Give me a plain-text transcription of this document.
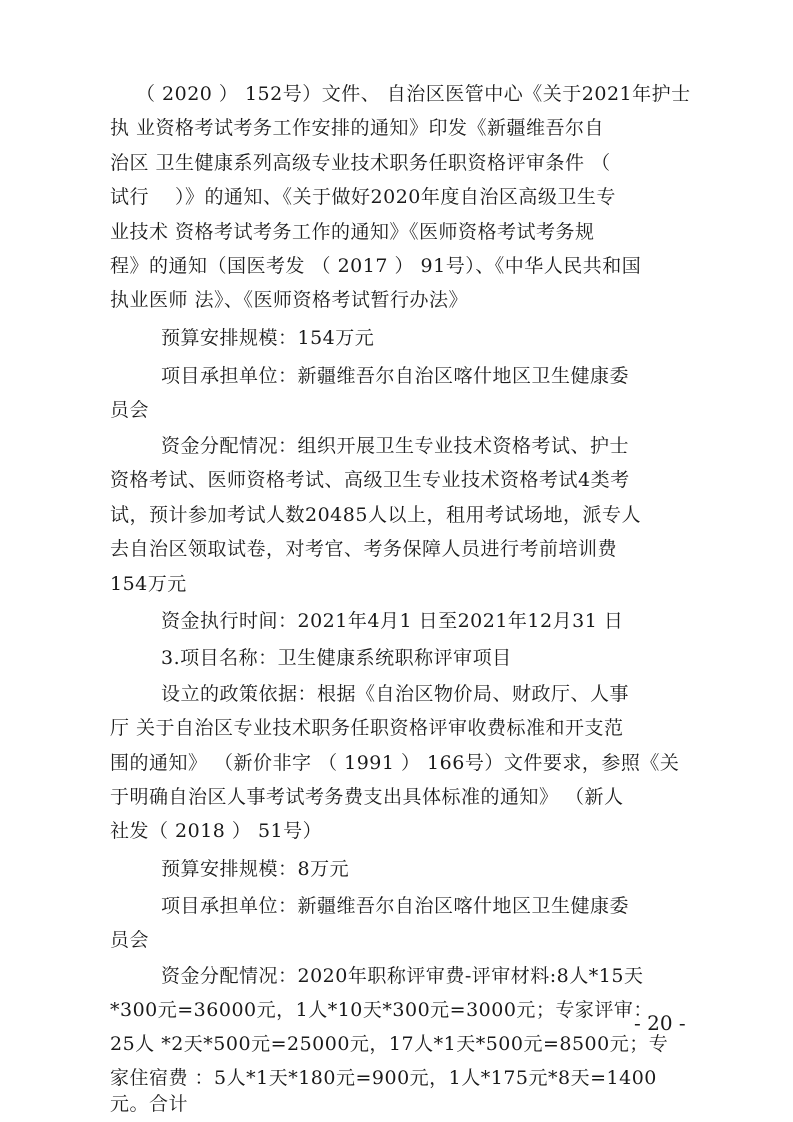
（ 2020 ） 152号）文件、 自治区医管中心《关于2021年护士
执 业资格考试考务工作安排的通知》印发《新疆维吾尔自
治区 卫生健康系列高级专业技术职务任职资格评审条件 （
试行　 ）》的通知、《关于做好2020年度自治区高级卫生专
业技术 资格考试考务工作的通知》《医师资格考试考务规
程》的通知（国医考发 （ 2017 ） 91号）、《中华人民共和国
执业医师 法》、《医师资格考试暂行办法》
预算安排规模：154万元
项目承担单位：新疆维吾尔自治区喀什地区卫生健康委
员会
资金分配情况：组织开展卫生专业技术资格考试、护士
资格考试、医师资格考试、高级卫生专业技术资格考试4类考
试，预计参加考试人数20485人以上，租用考试场地，派专人
去自治区领取试卷，对考官、考务保障人员进行考前培训费
154万元
资金执行时间：2021年4月1 日至2021年12月31 日
3.项目名称：卫生健康系统职称评审项目
设立的政策依据：根据《自治区物价局、财政厅、人事
厅 关于自治区专业技术职务任职资格评审收费标准和开支范
围的通知》 （新价非字 （ 1991 ） 166号）文件要求，参照《关
于明确自治区人事考试考务费支出具体标准的通知》 （新人
社发（ 2018 ） 51号）
预算安排规模：8万元
项目承担单位：新疆维吾尔自治区喀什地区卫生健康委
员会
资金分配情况：2020年职称评审费-评审材料:8人*15天
*300元=36000元，1人*10天*300元=3000元；专家评审：
25人 *2天*500元=25000元，17人*1天*500元=8500元；专
家住宿费 ：5人*1天*180元=900元，1人*175元*8天=1400
元。合计
- 20 -
